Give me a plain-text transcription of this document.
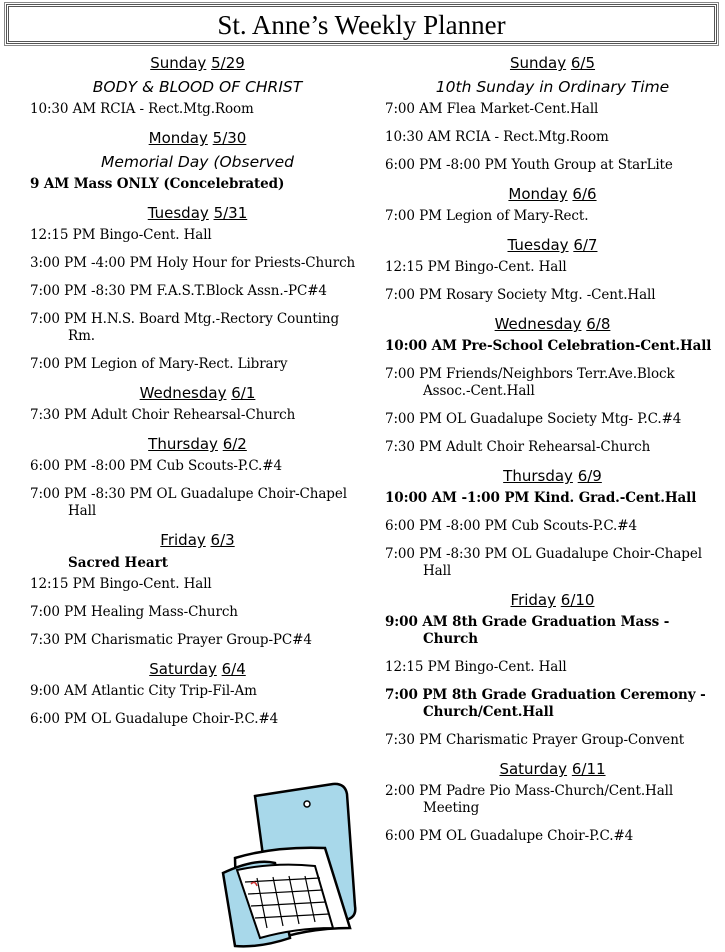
St. Anne’s Weekly Planner
Sunday 5/29
BODY & BLOOD OF CHRIST
10:30 AM RCIA - Rect.Mtg.Room
Monday 5/30
Memorial Day (Observed
9 AM Mass ONLY (Concelebrated)
Tuesday 5/31
12:15 PM Bingo-Cent. Hall
3:00 PM -4:00 PM Holy Hour for Priests-Church
7:00 PM -8:30 PM F.A.S.T.Block Assn.-PC#4
7:00 PM H.N.S. Board Mtg.-Rectory Counting Rm.
7:00 PM Legion of Mary-Rect. Library
Wednesday 6/1
7:30 PM Adult Choir Rehearsal-Church
Thursday 6/2
6:00 PM -8:00 PM Cub Scouts-P.C.#4
7:00 PM -8:30 PM OL Guadalupe Choir-Chapel Hall
Friday 6/3
Sacred Heart
12:15 PM Bingo-Cent. Hall
7:00 PM Healing Mass-Church
7:30 PM Charismatic Prayer Group-PC#4
Saturday 6/4
9:00 AM Atlantic City Trip-Fil-Am
6:00 PM OL Guadalupe Choir-P.C.#4
Sunday 6/5
10th Sunday in Ordinary Time
7:00 AM Flea Market-Cent.Hall
10:30 AM RCIA - Rect.Mtg.Room
6:00 PM -8:00 PM Youth Group at StarLite
Monday 6/6
7:00 PM Legion of Mary-Rect.
Tuesday 6/7
12:15 PM Bingo-Cent. Hall
7:00 PM Rosary Society Mtg. -Cent.Hall
Wednesday 6/8
10:00 AM Pre-School Celebration-Cent.Hall
7:00 PM Friends/Neighbors Terr.Ave.Block Assoc.-Cent.Hall
7:00 PM OL Guadalupe Society Mtg- P.C.#4
7:30 PM Adult Choir Rehearsal-Church
Thursday 6/9
10:00 AM -1:00 PM Kind. Grad.-Cent.Hall
6:00 PM -8:00 PM Cub Scouts-P.C.#4
7:00 PM -8:30 PM OL Guadalupe Choir-Chapel Hall
Friday 6/10
9:00 AM 8th Grade Graduation Mass -Church
12:15 PM Bingo-Cent. Hall
7:00 PM 8th Grade Graduation Ceremony -Church/Cent.Hall
7:30 PM Charismatic Prayer Group-Convent
Saturday 6/11
2:00 PM Padre Pio Mass-Church/Cent.Hall Meeting
6:00 PM OL Guadalupe Choir-P.C.#4
